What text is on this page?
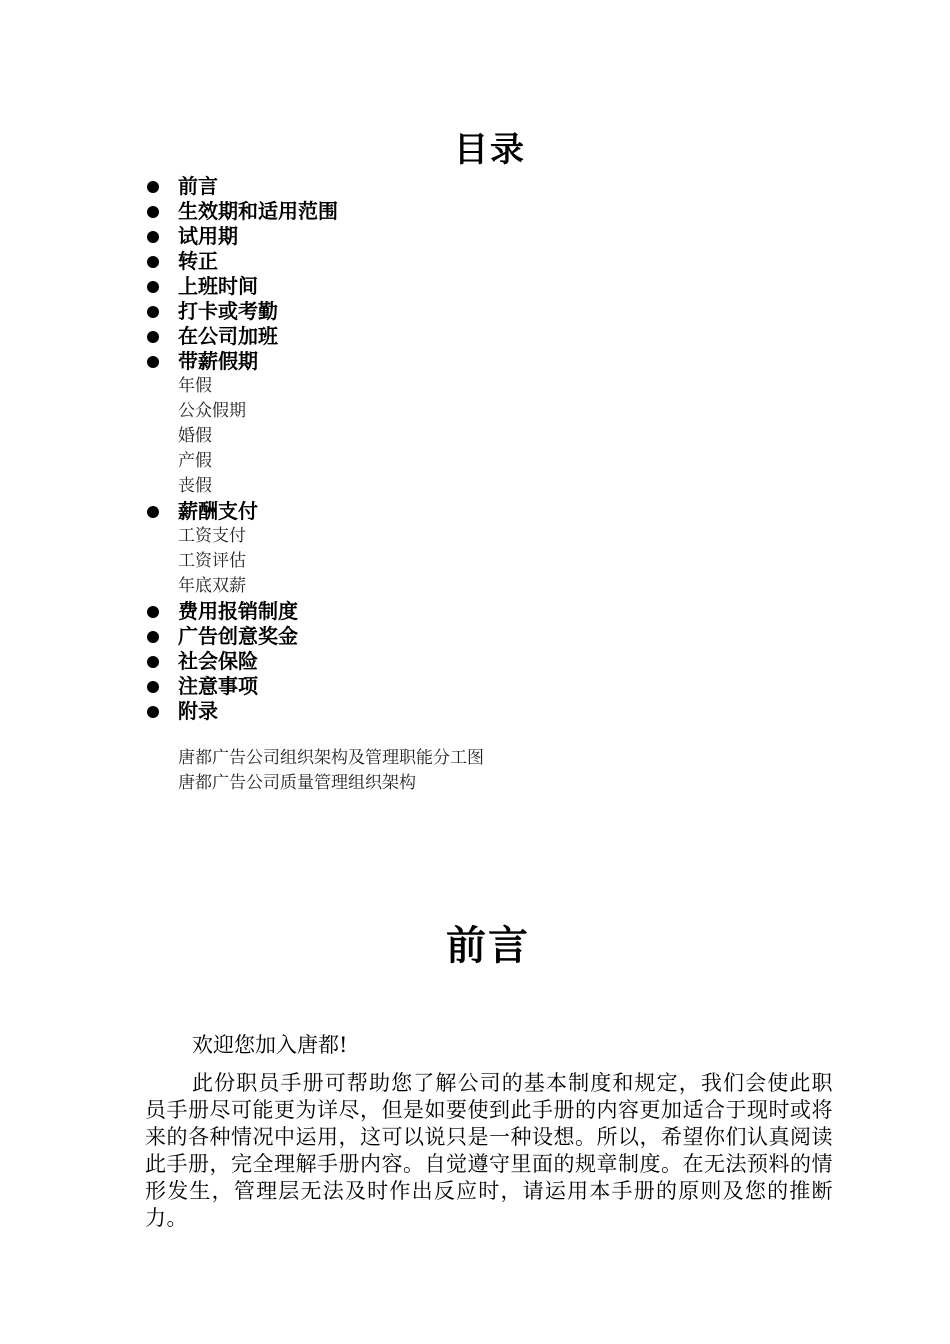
目录
前言
生效期和适用范围
试用期
转正
上班时间
打卡或考勤
在公司加班
带薪假期
年假
公众假期
婚假
产假
丧假
薪酬支付
工资支付
工资评估
年底双薪
费用报销制度
广告创意奖金
社会保险
注意事项
附录
唐都广告公司组织架构及管理职能分工图
唐都广告公司质量管理组织架构
前言
欢迎您加入唐都!

此份职员手册可帮助您了解公司的基本制度和规定，我们会使此职员手册尽可能更为详尽，但是如要使到此手册的内容更加适合于现时或将来的各种情况中运用，这可以说只是一种设想。所以，希望你们认真阅读此手册，完全理解手册内容。自觉遵守里面的规章制度。在无法预料的情形发生，管理层无法及时作出反应时，请运用本手册的原则及您的推断力。
